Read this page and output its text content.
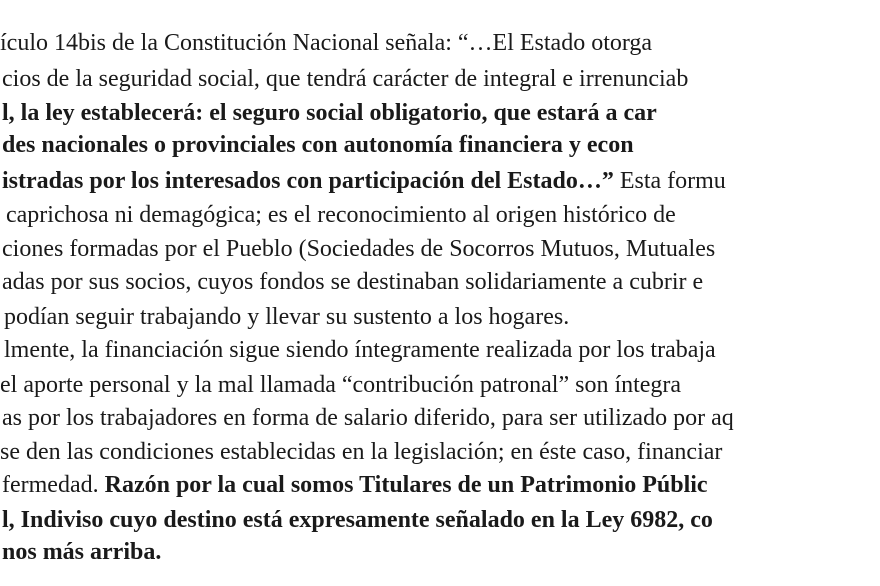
ículo 14bis de la Constitución Nacional señala: “…El Estado otorga
cios de la seguridad social, que tendrá carácter de integral e irrenunciab
l, la ley establecerá: el seguro social obligatorio, que estará a car
des nacionales o provinciales con autonomía financiera y econ
istradas por los interesados con participación del Estado…” Esta formu
caprichosa ni demagógica; es el reconocimiento al origen histórico de
ciones formadas por el Pueblo (Sociedades de Socorros Mutuos, Mutuales
adas por sus socios, cuyos fondos se destinaban solidariamente a cubrir e
podían seguir trabajando y llevar su sustento a los hogares.
lmente, la financiación sigue siendo íntegramente realizada por los trabaja
el aporte personal y la mal llamada “contribución patronal” son íntegra
as por los trabajadores en forma de salario diferido, para ser utilizado por aq
se den las condiciones establecidas en la legislación; en éste caso, financiar
fermedad. Razón por la cual somos Titulares de un Patrimonio Públic
l, Indiviso cuyo destino está expresamente señalado en la Ley 6982, co
nos más arriba.
